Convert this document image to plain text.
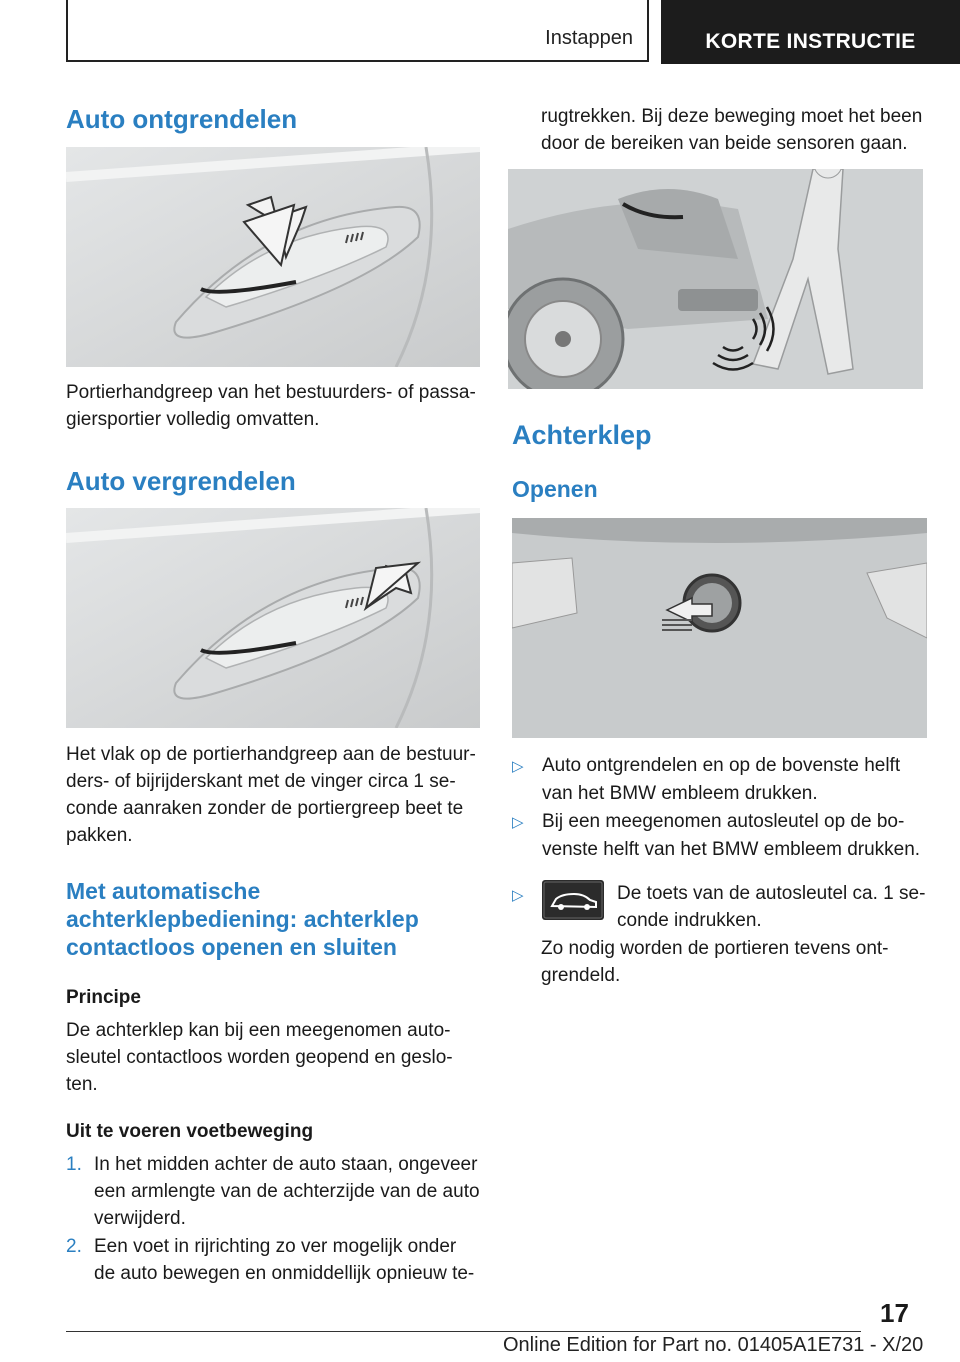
Instappen	KORTE INSTRUCTIE
Auto ontgrendelen

Portierhandgreep van het bestuurders- of passa-

giersportier volledig omvatten.

Auto vergrendelen

Het vlak op de portierhandgreep aan de bestuur-

ders- of bijrijderskant met de vinger circa 1 se-

conde aanraken zonder de portiergreep beet te

pakken.

Met automatische
achterklepbediening: achterklep
contactloos openen en sluiten
Principe

De achterklep kan bij een meegenomen auto-

sleutel contactloos worden geopend en geslo-

ten.

Uit te voeren voetbeweging

1. In het midden achter de auto staan, ongeveer

een armlengte van de achterzijde van de auto

verwijderd.

2. Een voet in rijrichting zo ver mogelijk onder

de auto bewegen en onmiddellijk opnieuw te-

rugtrekken. Bij deze beweging moet het been

door de bereiken van beide sensoren gaan.

Achterklep
Openen

▷ Auto ontgrendelen en op de bovenste helft

van het BMW embleem drukken.

▷ Bij een meegenomen autosleutel op de bo-

venste helft van het BMW embleem drukken.

▷	De toets van de autosleutel ca. 1 se-

conde indrukken.

Zo nodig worden de portieren tevens ont-

grendeld.

17
Online Edition for Part no. 01405A1E731 - X/20
